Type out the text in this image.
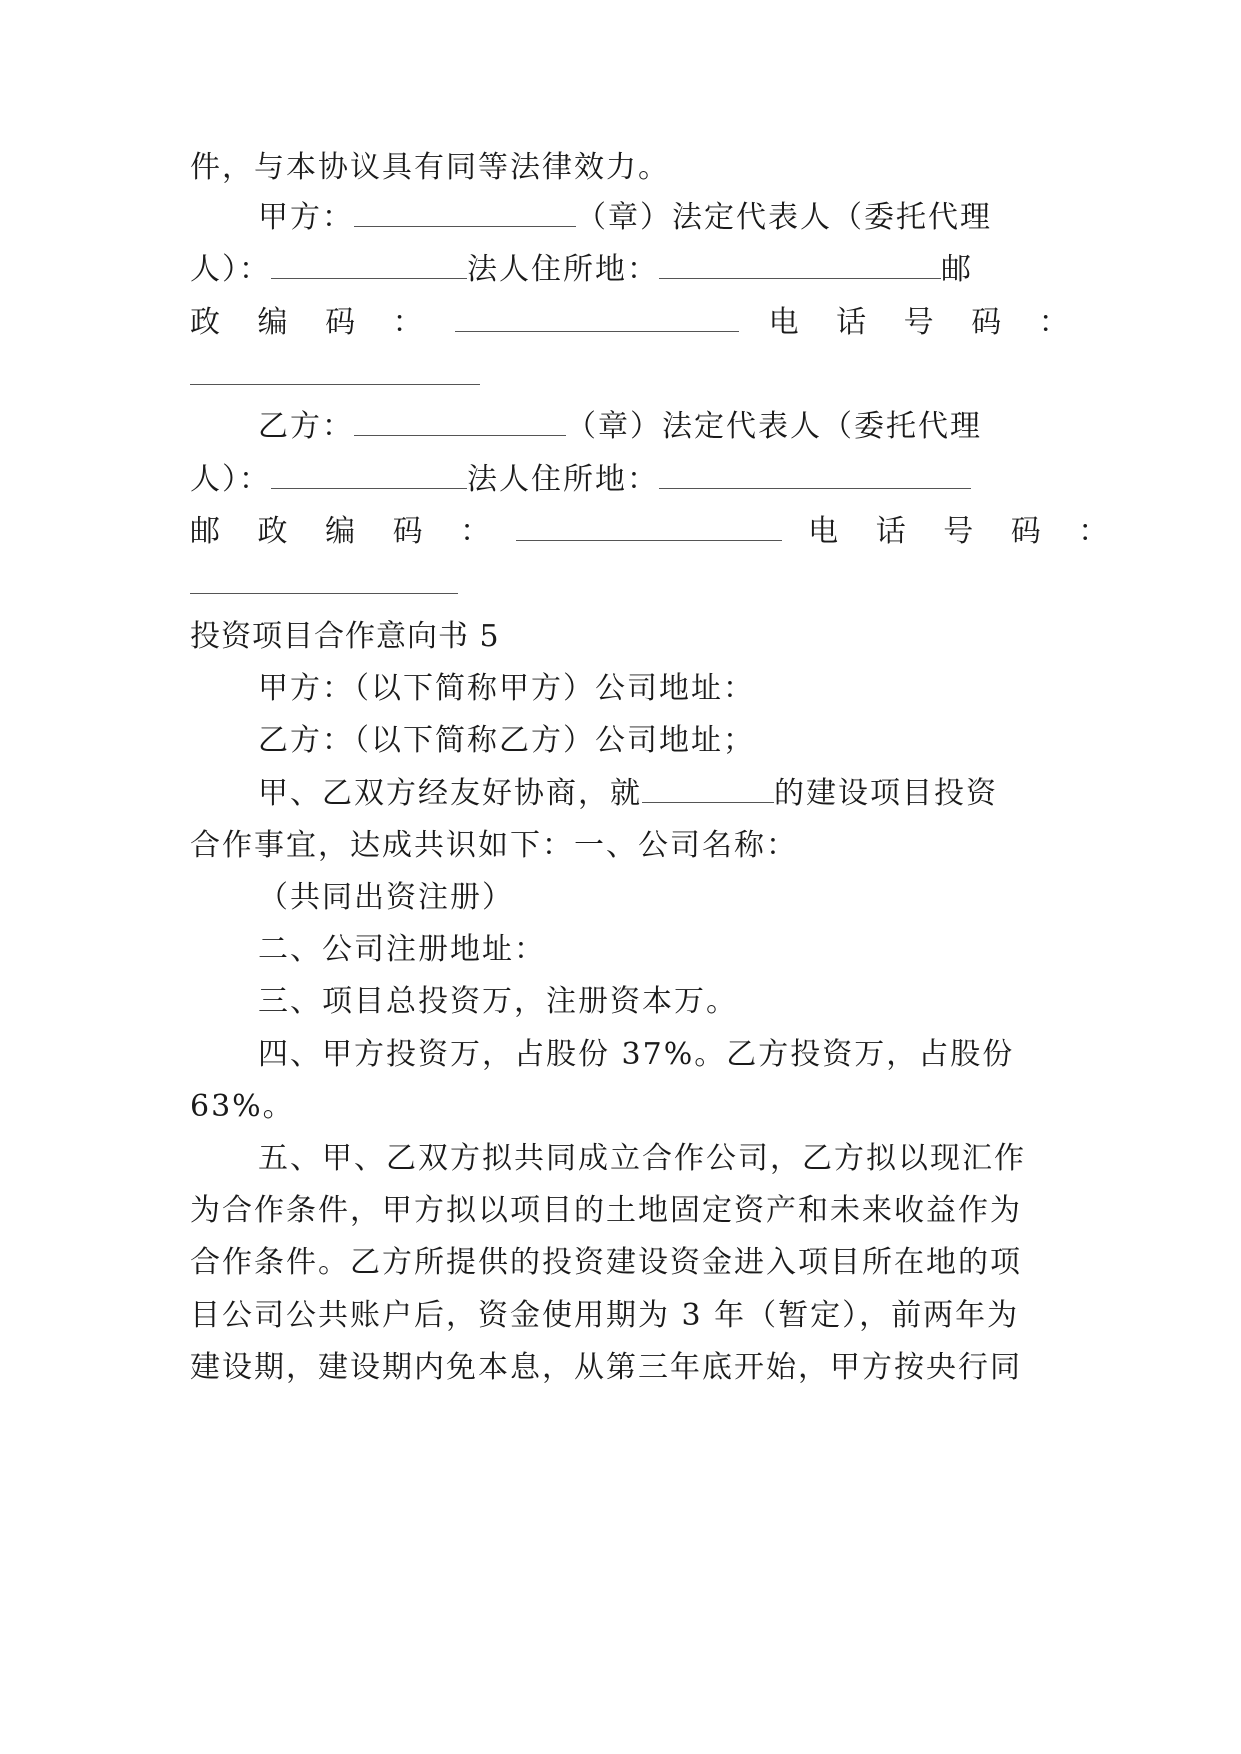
件，与本协议具有同等法律效力。
甲方：	（章）法定代表人（委托代理
人）：	法人住所地：	邮
政 编 码 ：	电 话 号 码 ：
乙方：	（章）法定代表人（委托代理
人）：	法人住所地：
邮 政 编 码 ：	电 话 号 码 ：
投资项目合作意向书 5
甲方：（以下简称甲方）公司地址：
乙方：（以下简称乙方）公司地址；
甲、乙双方经友好协商，就	的建设项目投资
合作事宜，达成共识如下：一、公司名称：
（共同出资注册）
二、公司注册地址：
三、项目总投资万，注册资本万。
四、甲方投资万，占股份 37%。乙方投资万，占股份
63%。
五、甲、乙双方拟共同成立合作公司，乙方拟以现汇作
为合作条件，甲方拟以项目的土地固定资产和未来收益作为
合作条件。乙方所提供的投资建设资金进入项目所在地的项
目公司公共账户后，资金使用期为 3 年（暂定），前两年为
建设期，建设期内免本息，从第三年底开始，甲方按央行同
